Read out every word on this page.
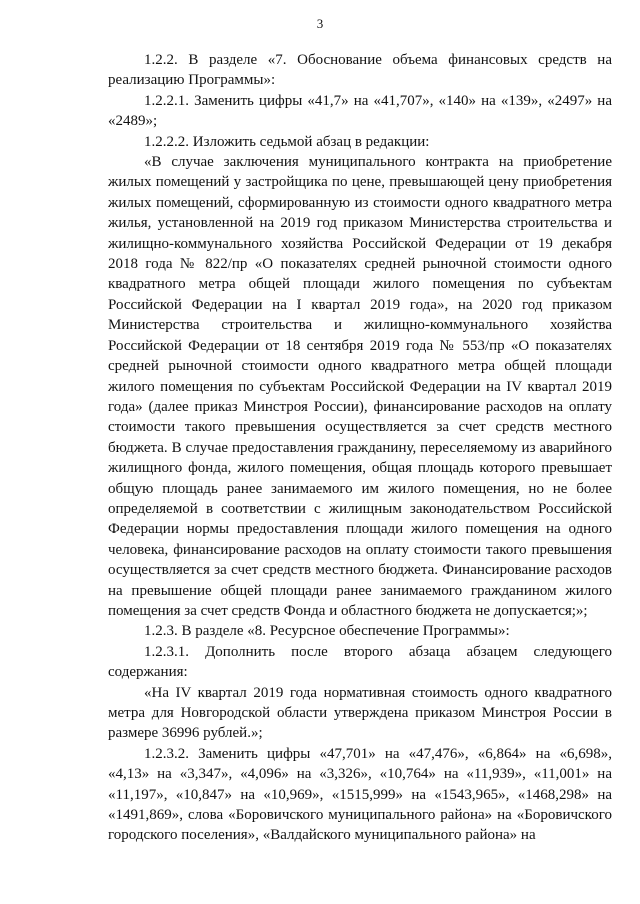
3

1.2.2. В разделе «7. Обоснование объема финансовых средств на реализацию Программы»:

1.2.2.1. Заменить цифры «41,7» на «41,707», «140» на «139», «2497» на «2489»;

1.2.2.2. Изложить седьмой абзац в редакции:

«В случае заключения муниципального контракта на приобретение жилых помещений у застройщика по цене, превышающей цену приобретения жилых помещений, сформированную из стоимости одного квадратного метра жилья, установленной на 2019 год приказом Министерства строительства и жилищно-коммунального хозяйства Российской Федерации от 19 декабря 2018 года № 822/пр «О показателях средней рыночной стоимости одного квадратного метра общей площади жилого помещения по субъектам Российской Федерации на I квартал 2019 года», на 2020 год приказом Министерства строительства и жилищно-коммунального хозяйства Российской Федерации от 18 сентября 2019 года № 553/пр «О показателях средней рыночной стоимости одного квадратного метра общей площади жилого помещения по субъектам Российской Федерации на IV квартал 2019 года» (далее приказ Минстроя России), финансирование расходов на оплату стоимости такого превышения осуществляется за счет средств местного бюджета. В случае предоставления гражданину, переселяемому из аварийного жилищного фонда, жилого помещения, общая площадь которого превышает общую площадь ранее занимаемого им жилого помещения, но не более определяемой в соответствии с жилищным законодательством Российской Федерации нормы предоставления площади жилого помещения на одного человека, финансирование расходов на оплату стоимости такого превышения осуществляется за счет средств местного бюджета. Финансирование расходов на превышение общей площади ранее занимаемого гражданином жилого помещения за счет средств Фонда и областного бюджета не допускается;»;

1.2.3. В разделе «8. Ресурсное обеспечение Программы»:

1.2.3.1. Дополнить после второго абзаца абзацем следующего содержания:

«На IV квартал 2019 года нормативная стоимость одного квадратного метра для Новгородской области утверждена приказом Минстроя России в размере 36996 рублей.»;

1.2.3.2. Заменить цифры «47,701» на «47,476», «6,864» на «6,698», «4,13» на «3,347», «4,096» на «3,326», «10,764» на «11,939», «11,001» на «11,197», «10,847» на «10,969», «1515,999» на «1543,965», «1468,298» на «1491,869», слова «Боровичского муниципального района» на «Боровичского городского поселения», «Валдайского муниципального района» на
